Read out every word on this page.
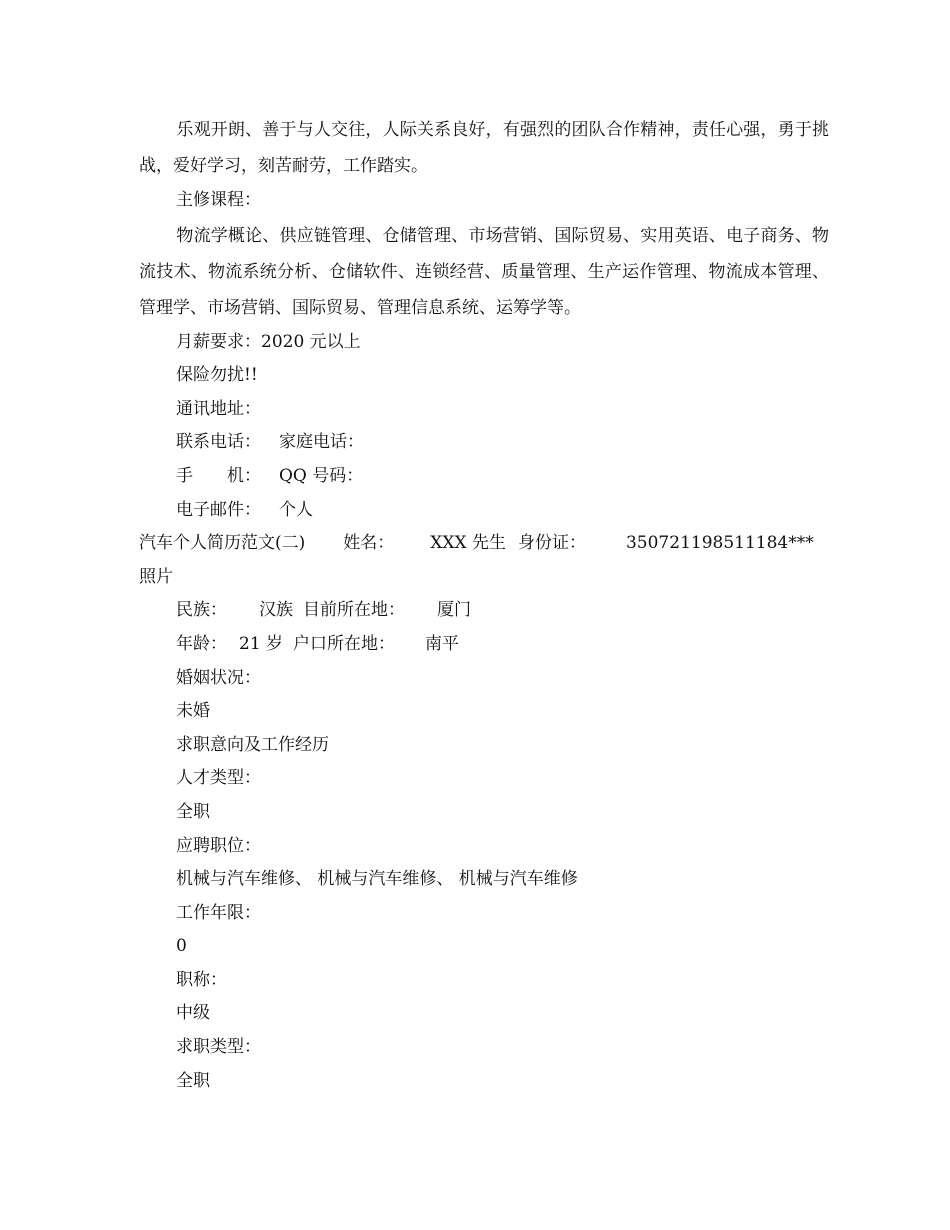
乐观开朗、善于与人交往，人际关系良好，有强烈的团队合作精神，责任心强，勇于挑战，爱好学习，刻苦耐劳，工作踏实。

主修课程：

物流学概论、供应链管理、仓储管理、市场营销、国际贸易、实用英语、电子商务、物流技术、物流系统分析、仓储软件、连锁经营、质量管理、生产运作管理、物流成本管理、管理学、市场营销、国际贸易、管理信息系统、运筹学等。

月薪要求：2020 元以上
保险勿扰!!
通讯地址：
联系电话： 家庭电话：
手　　机： QQ 号码：
电子邮件： 个人
汽车个人简历范文(二) 姓名： XXX 先生 身份证： 350721198511184***
照片
民族： 汉族 目前所在地： 厦门
年龄： 21 岁 户口所在地： 南平
婚姻状况：
未婚
求职意向及工作经历
人才类型：
全职
应聘职位：
机械与汽车维修、 机械与汽车维修、 机械与汽车维修
工作年限：
0
职称：
中级
求职类型：
全职
